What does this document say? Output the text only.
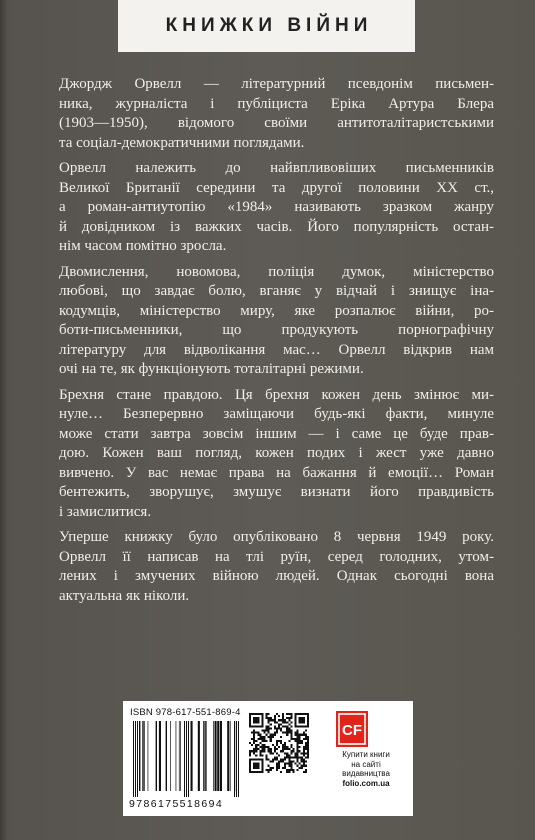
КНИЖКИ ВІЙНИ
Джордж Орвелл — літературний псевдонім письмен-
ника, журналіста і публіциста Еріка Артура Блера
(1903—1950), відомого своїми антитоталітаристськими
та соціал-демократичними поглядами.
Орвелл належить до найвпливовіших письменників
Великої Британії середини та другої половини XX ст.,
а роман-антиутопію «1984» називають зразком жанру
й довідником із важких часів. Його популярність остан-
нім часом помітно зросла.
Двомислення, новомова, поліція думок, міністерство
любові, що завдає болю, вганяє у відчай і знищує іна-
кодумців, міністерство миру, яке розпалює війни, ро-
боти-письменники, що продукують порнографічну
літературу для відволікання мас… Орвелл відкрив нам
очі на те, як функціонують тоталітарні режими.
Брехня стане правдою. Ця брехня кожен день змінює ми-
нуле… Безперервно заміщаючи будь-які факти, минуле
може стати завтра зовсім іншим — і саме це буде прав-
дою. Кожен ваш погляд, кожен подих і жест уже давно
вивчено. У вас немає права на бажання й емоції… Роман
бентежить, зворушує, змушує визнати його правдивість
і замислитися.
Уперше книжку було опубліковано 8 червня 1949 року.
Орвелл її написав на тлі руїн, серед голодних, утом-
лених і змучених війною людей. Однак сьогодні вона
актуальна як ніколи.
ISBN 978-617-551-869-4
9786175518694
CF
Купити книги
на сайті
видавництва
folio.com.ua
